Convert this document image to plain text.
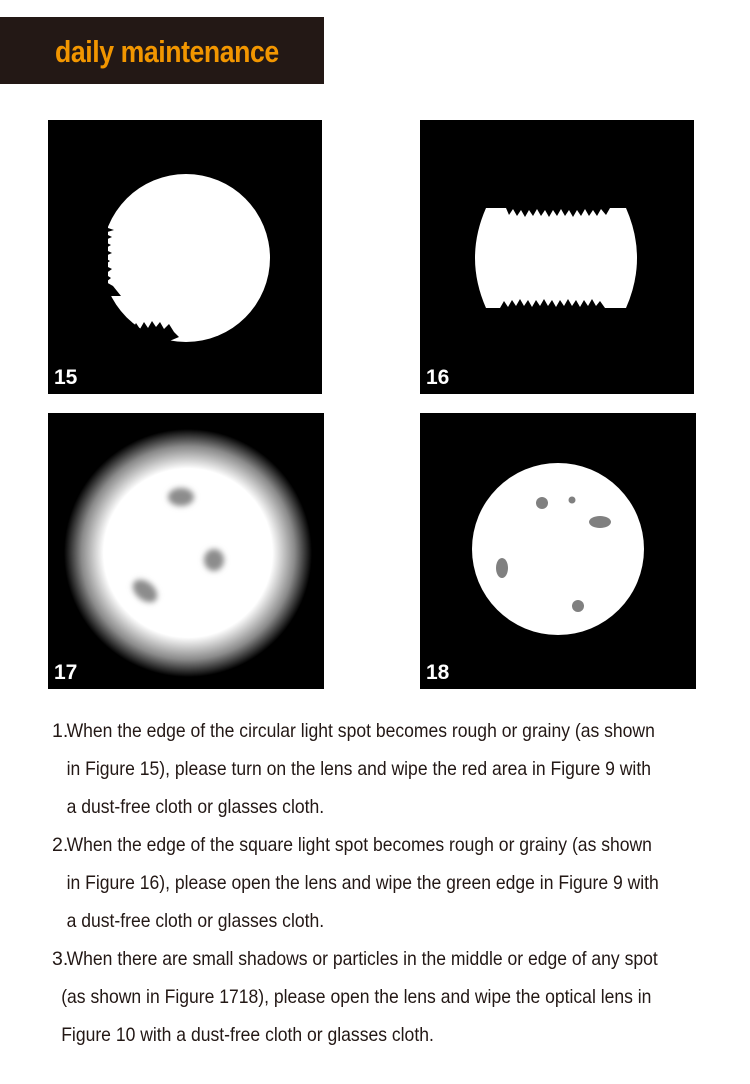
daily maintenance
15	16
17	18
1.
When the edge of the circular light spot becomes rough or grainy (as shown
in Figure 15), please turn on the lens and wipe the red area in Figure 9 with
a dust-free cloth or glasses cloth.
2.
When the edge of the square light spot becomes rough or grainy (as shown
in Figure 16), please open the lens and wipe the green edge in Figure 9 with
a dust-free cloth or glasses cloth.
3.
When there are small shadows or particles in the middle or edge of any spot
(as shown in Figure 1718), please open the lens and wipe the optical lens in
Figure 10 with a dust-free cloth or glasses cloth.
